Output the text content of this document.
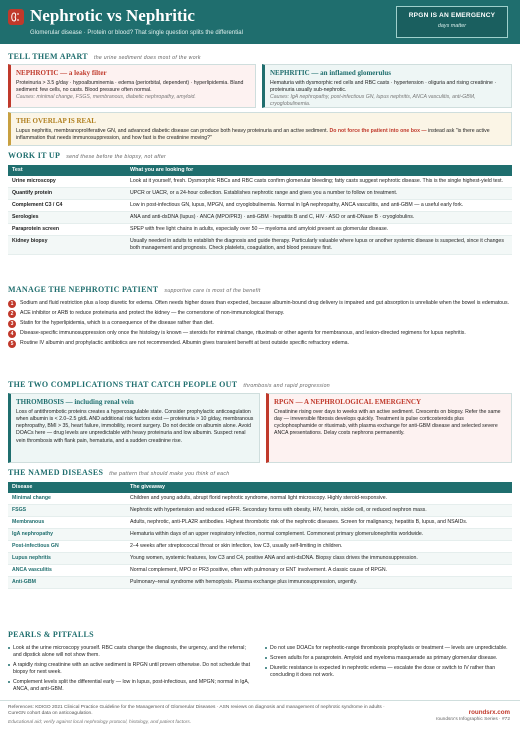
Nephrotic vs Nephritic
Glomerular disease · Protein or blood? That single question splits the differential
RPGN IS AN EMERGENCY
days matter
TELL THEM APART the urine sediment does most of the work
NEPHROTIC — a leaky filter
Proteinuria > 3.5 g/day · hypoalbuminemia · edema (periorbital, dependent) · hyperlipidemia. Bland sediment: few cells, no casts. Blood pressure often normal.
Causes: minimal change, FSGS, membranous, diabetic nephropathy, amyloid.
NEPHRITIC — an inflamed glomerulus
Hematuria with dysmorphic red cells and RBC casts · hypertension · oliguria and rising creatinine · proteinuria usually sub-nephrotic.
Causes: IgA nephropathy, post-infectious GN, lupus nephritis, ANCA vasculitis, anti-GBM, cryoglobulinemia.
THE OVERLAP IS REAL
Lupus nephritis, membranoproliferative GN, and advanced diabetic disease can produce both heavy proteinuria and an active sediment. Do not force the patient into one box — instead ask "is there active inflammation that needs immunosuppression, and how fast is the creatinine moving?"
WORK IT UP send these before the biopsy, not after
Test	What you are looking for
Urine microscopy	Look at it yourself, fresh. Dysmorphic RBCs and RBC casts confirm glomerular bleeding; fatty casts suggest nephrotic disease. This is the single highest-yield test.
Quantify protein	UPCR or UACR, or a 24-hour collection. Establishes nephrotic range and gives you a number to follow on treatment.
Complement C3 / C4	Low in post-infectious GN, lupus, MPGN, and cryoglobulinemia. Normal in IgA nephropathy, ANCA vasculitis, and anti-GBM — a useful early fork.
Serologies	ANA and anti-dsDNA (lupus) · ANCA (MPO/PR3) · anti-GBM · hepatitis B and C, HIV · ASO or anti-DNase B · cryoglobulins.
Paraprotein screen	SPEP with free light chains in adults, especially over 50 — myeloma and amyloid present as glomerular disease.
Kidney biopsy	Usually needed in adults to establish the diagnosis and guide therapy. Particularly valuable where lupus or another systemic disease is suspected, since it changes both management and prognosis. Check platelets, coagulation, and blood pressure first.
MANAGE THE NEPHROTIC PATIENT supportive care is most of the benefit
1	Sodium and fluid restriction plus a loop diuretic for edema. Often needs higher doses than expected, because albumin-bound drug delivery is impaired and gut absorption is unreliable when the bowel is edematous.
2	ACE inhibitor or ARB to reduce proteinuria and protect the kidney — the cornerstone of non-immunological therapy.
3	Statin for the hyperlipidemia, which is a consequence of the disease rather than diet.
4	Disease-specific immunosuppression only once the histology is known — steroids for minimal change, rituximab or other agents for membranous, and lesion-directed regimens for lupus nephritis.
5	Routine IV albumin and prophylactic antibiotics are not recommended. Albumin gives transient benefit at best outside specific refractory edema.
THE TWO COMPLICATIONS THAT CATCH PEOPLE OUT thrombosis and rapid progression
THROMBOSIS — including renal vein
Loss of antithrombotic proteins creates a hypercoagulable state. Consider prophylactic anticoagulation when albumin is < 2.0–2.5 g/dL AND additional risk factors exist — proteinuria > 10 g/day, membranous nephropathy, BMI > 35, heart failure, immobility, recent surgery. Do not decide on albumin alone. Avoid DOACs here — drug levels are unpredictable with heavy proteinuria and low albumin. Suspect renal vein thrombosis with flank pain, hematuria, and a sudden creatinine rise.
RPGN — A NEPHROLOGICAL EMERGENCY
Creatinine rising over days to weeks with an active sediment. Crescents on biopsy. Refer the same day — irreversible fibrosis develops quickly. Treatment is pulse corticosteroids plus cyclophosphamide or rituximab, with plasma exchange for anti-GBM disease and selected severe ANCA presentations. Delay costs nephrons permanently.
THE NAMED DISEASES the pattern that should make you think of each
Disease	The giveaway
Minimal change	Children and young adults, abrupt florid nephrotic syndrome, normal light microscopy. Highly steroid-responsive.
FSGS	Nephrotic with hypertension and reduced eGFR. Secondary forms with obesity, HIV, heroin, sickle cell, or reduced nephron mass.
Membranous	Adults, nephrotic, anti-PLA2R antibodies. Highest thrombotic risk of the nephrotic diseases. Screen for malignancy, hepatitis B, lupus, and NSAIDs.
IgA nephropathy	Hematuria within days of an upper respiratory infection, normal complement. Commonest primary glomerulonephritis worldwide.
Post-infectious GN	2–4 weeks after streptococcal throat or skin infection, low C3, usually self-limiting in children.
Lupus nephritis	Young women, systemic features, low C3 and C4, positive ANA and anti-dsDNA. Biopsy class drives the immunosuppression.
ANCA vasculitis	Normal complement, MPO or PR3 positive, often with pulmonary or ENT involvement. A classic cause of RPGN.
Anti-GBM	Pulmonary–renal syndrome with hemoptysis. Plasma exchange plus immunosuppression, urgently.
PEARLS & PITFALLS
Look at the urine microscopy yourself. RBC casts change the diagnosis, the urgency, and the referral; and dipstick alone will not show them.
A rapidly rising creatinine with an active sediment is RPGN until proven otherwise. Do not schedule that biopsy for next week.
Complement levels split the differential early — low in lupus, post-infectious, and MPGN; normal in IgA, ANCA, and anti-GBM.
Do not use DOACs for nephrotic-range thrombosis prophylaxis or treatment — levels are unpredictable.
Screen adults for a paraprotein. Amyloid and myeloma masquerade as primary glomerular disease.
Diuretic resistance is expected in nephrotic edema — escalate the dose or switch to IV rather than concluding it does not work.
References: KDIGO 2021 Clinical Practice Guideline for the Management of Glomerular Diseases · ASN reviews on diagnosis and management of nephrotic syndrome in adults · CureGN cohort data on anticoagulation.
Educational aid; verify against local nephrology protocol, histology, and patient factors.
roundsrx.com
roundsrx's Infographic Series · #72
